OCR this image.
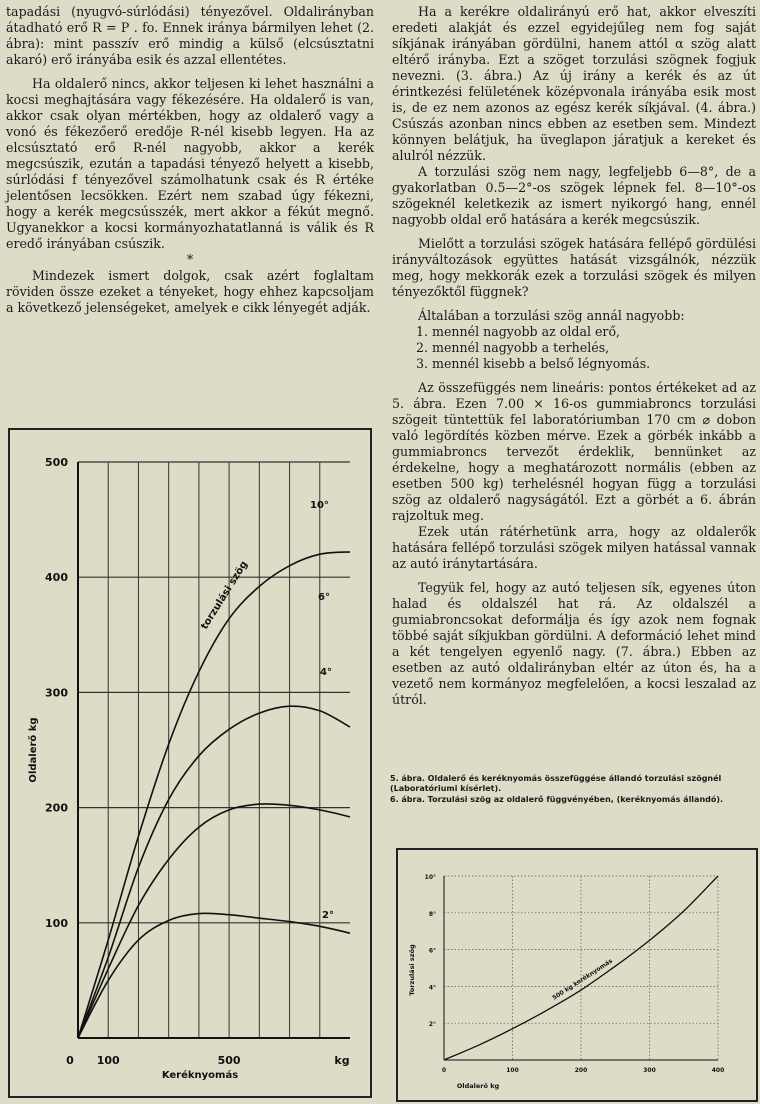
tapadási (nyugvó-súrlódási) tényezővel. Oldalirányban átadható erő R = P . fo. Ennek iránya bármilyen lehet (2. ábra): mint passzív erő mindig a külső (elcsúsztatni akaró) erő irányába esik és azzal ellentétes.

Ha oldalerő nincs, akkor teljesen ki lehet használni a kocsi meghajtására vagy fékezésére. Ha oldalerő is van, akkor csak olyan mértékben, hogy az oldalerő vagy a vonó és fékezőerő eredője R-nél kisebb legyen. Ha az elcsúsztató erő R-nél nagyobb, akkor a kerék megcsúszik, ezután a tapadási tényező helyett a kisebb, súrlódási f tényezővel számolhatunk csak és R értéke jelentősen lecsökken. Ezért nem szabad úgy fékezni, hogy a kerék megcsússzék, mert akkor a fékút megnő. Ugyanekkor a kocsi kormányozhatatlanná is válik és R eredő irányában csúszik.

*

Mindezek ismert dolgok, csak azért foglaltam röviden össze ezeket a tényeket, hogy ehhez kapcsoljam a következő jelenségeket, amelyek e cikk lényegét adják.

Ha a kerékre oldalirányú erő hat, akkor elveszíti eredeti alakját és ezzel egyidejűleg nem fog saját síkjának irányában gördülni, hanem attól α szög alatt eltérő irányba. Ezt a szöget torzulási szögnek fogjuk nevezni. (3. ábra.) Az új irány a kerék és az út érintkezési felületének középvonala irányába esik most is, de ez nem azonos az egész kerék síkjával. (4. ábra.) Csúszás azonban nincs ebben az esetben sem. Mindezt könnyen belátjuk, ha üveglapon járatjuk a kereket és alulról nézzük.

A torzulási szög nem nagy, legfeljebb 6—8°, de a gyakorlatban 0.5—2°-os szögek lépnek fel. 8—10°-os szögeknél keletkezik az ismert nyikorgó hang, ennél nagyobb oldal erő hatására a kerék megcsúszik.

Mielőtt a torzulási szögek hatására fellépő gördülési irányváltozások együttes hatását vizsgálnók, nézzük meg, hogy mekkorák ezek a torzulási szögek és milyen tényezőktől függnek?

Általában a torzulási szög annál nagyobb:

1. mennél nagyobb az oldal erő,
2. mennél nagyobb a terhelés,
3. mennél kisebb a belső légnyomás.

Az összefüggés nem lineáris: pontos értékeket ad az 5. ábra. Ezen 7.00 × 16-os gummiabroncs torzulási szögeit tüntettük fel laboratóriumban 170 cm ⌀ dobon való legördítés közben mérve. Ezek a görbék inkább a gummiabroncs tervezőt érdeklik, bennünket az érdekelne, hogy a meghatározott normális (ebben az esetben 500 kg) terhelésnél hogyan függ a torzulási szög az oldalerő nagyságától. Ezt a görbét a 6. ábrán rajzoltuk meg.

Ezek után rátérhetünk arra, hogy az oldalerők hatására fellépő torzulási szögek milyen hatással vannak az autó iránytartására.

Tegyük fel, hogy az autó teljesen sík, egyenes úton halad és oldalszél hat rá. Az oldalszél a gumiabroncsokat deformálja és így azok nem fognak többé saját síkjukban gördülni. A deformáció lehet mind a két tengelyen egyenlő nagy. (7. ábra.) Ebben az esetben az autó oldalirányban eltér az úton és, ha a vezető nem kormányoz megfelelően, a kocsi leszalad az útról.

5. ábra. Oldalerő és keréknyomás összefüggése állandó torzulási szögnél (Laboratóriumi kísérlet).

6. ábra. Torzulási szög az oldalerő függvényében, (keréknyomás állandó).

100
200
300
400
500
0 100	500	kg
Keréknyomás
Oldalerő kg
2°
4°
6°
10°
torzulási szög
2°
4°
6°
8°
10°
0	100	200	300	400
Oldalerő kg
Torzulási szög	500 kg keréknyomás
